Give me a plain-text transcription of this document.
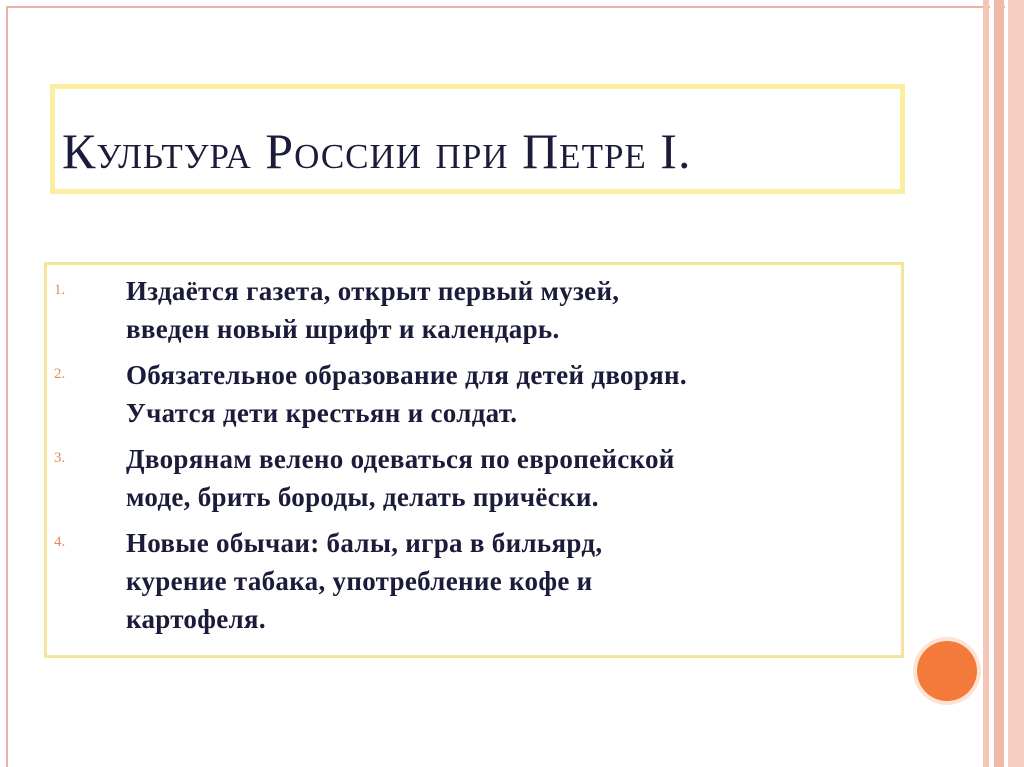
Культура России при Петре I.
1. Издаётся газета, открыт первый музей,
введен новый шрифт и календарь.
2. Обязательное образование для детей дворян.
Учатся дети крестьян и солдат.
3. Дворянам велено одеваться по европейской
моде, брить бороды, делать причёски.
4. Новые обычаи: балы, игра в бильярд,
курение табака, употребление кофе и
картофеля.
